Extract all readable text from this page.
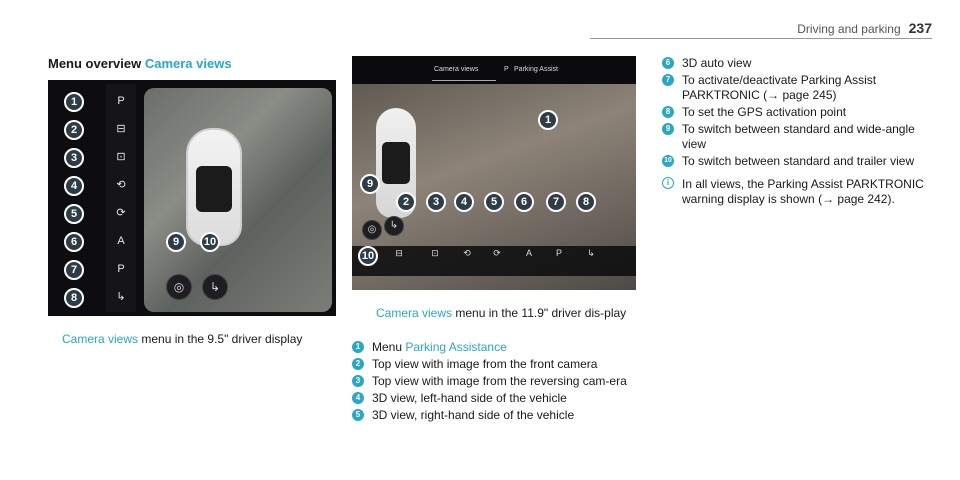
Driving and parking 237
Menu overview Camera views
P
⊟
⊡
⟲
⟳
A
P
↳
◎	↳
1
2
3
4
5
6
7
8
9	10
Camera views menu in the 9.5" driver display
Camera views	P Parking Assist
⊟	⊡	⟲	⟳	A	P	↳
◎	↳
1
2	3	4	5	6	7	8
9
10
Camera views menu in the 11.9" driver dis-play
1 Menu Parking Assistance
2 Top view with image from the front camera
3 Top view with image from the reversing cam-era
4 3D view, left-hand side of the vehicle
5 3D view, right-hand side of the vehicle
6 3D auto view
7 To activate/deactivate Parking Assist PARKTRONIC (→ page 245)
8 To set the GPS activation point
9 To switch between standard and wide-angle view
10 To switch between standard and trailer view
i	In all views, the Parking Assist PARKTRONIC warning display is shown (→ page 242).
